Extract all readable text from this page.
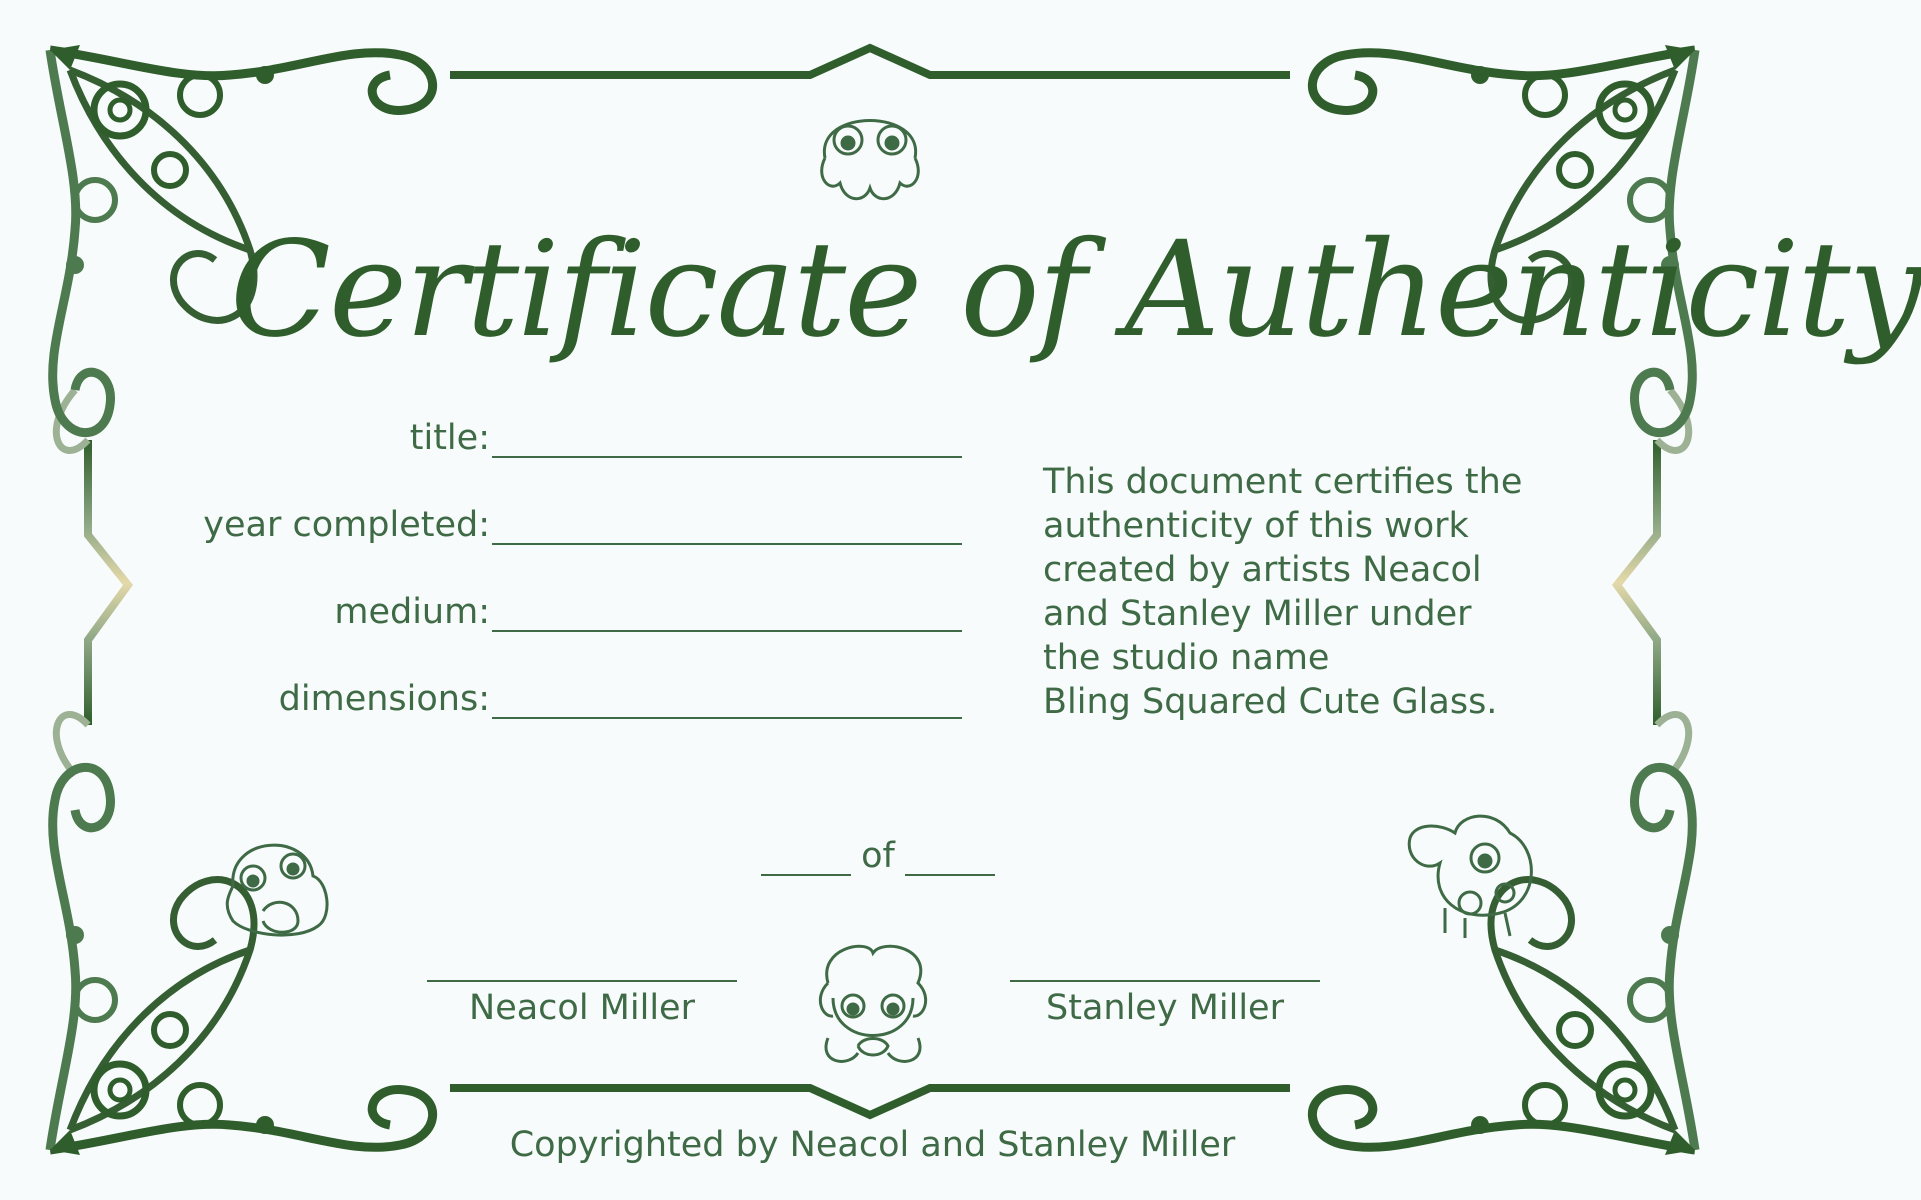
Certificate of Authenticity
title:
year completed:
medium:
dimensions:
This document certifies the
authenticity of this work
created by artists Neacol
and Stanley Miller under
the studio name
Bling Squared Cute Glass.
of
Neacol Miller	Stanley Miller
Copyrighted by Neacol and Stanley Miller
